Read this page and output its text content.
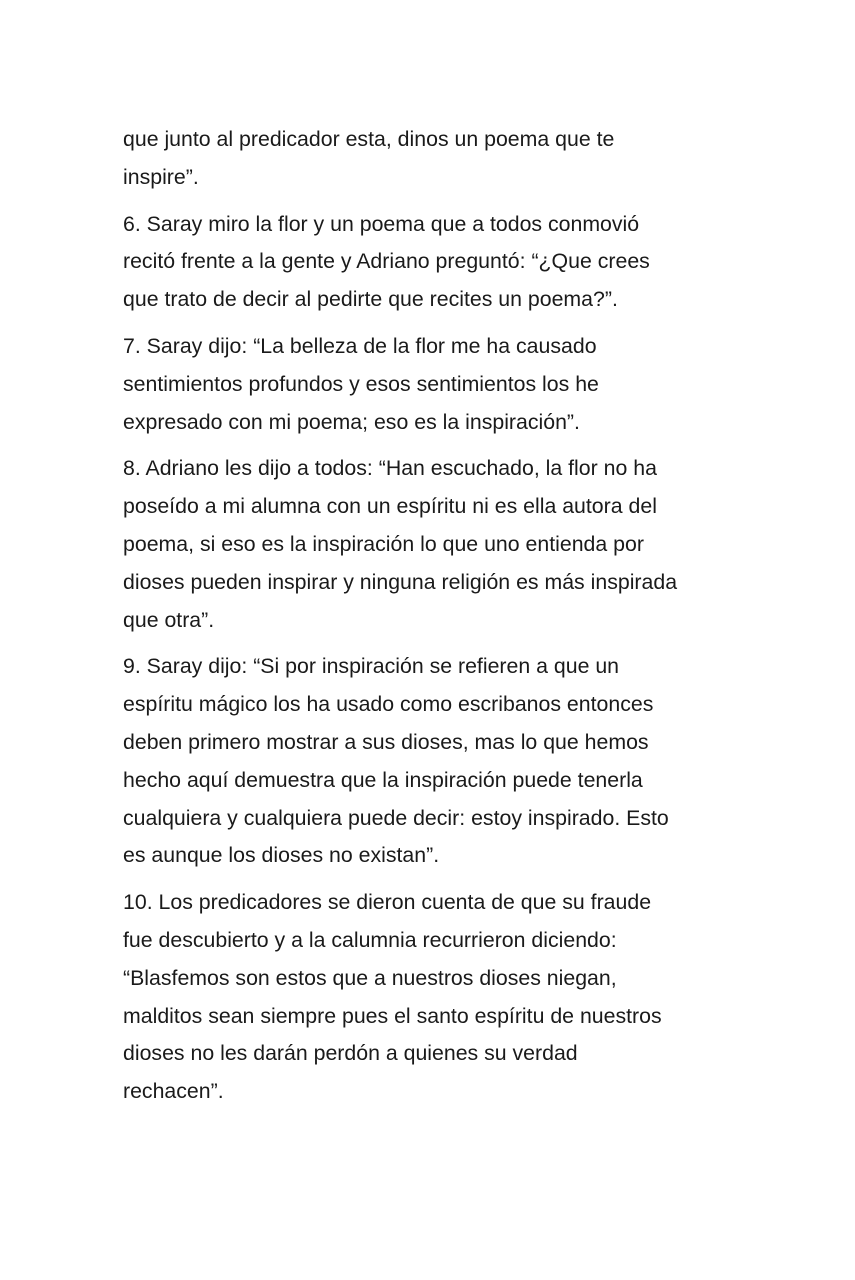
que junto al predicador esta, dinos un poema que te
inspire”.

6. Saray miro la flor y un poema que a todos conmovió
recitó frente a la gente y Adriano preguntó: “¿Que crees
que trato de decir al pedirte que recites un poema?”.

7. Saray dijo: “La belleza de la flor me ha causado
sentimientos profundos y esos sentimientos los he
expresado con mi poema; eso es la inspiración”.

8. Adriano les dijo a todos: “Han escuchado, la flor no ha
poseído a mi alumna con un espíritu ni es ella autora del
poema, si eso es la inspiración lo que uno entienda por
dioses pueden inspirar y ninguna religión es más inspirada
que otra”.

9. Saray dijo: “Si por inspiración se refieren a que un
espíritu mágico los ha usado como escribanos entonces
deben primero mostrar a sus dioses, mas lo que hemos
hecho aquí demuestra que la inspiración puede tenerla
cualquiera y cualquiera puede decir: estoy inspirado. Esto
es aunque los dioses no existan”.

10. Los predicadores se dieron cuenta de que su fraude
fue descubierto y a la calumnia recurrieron diciendo:
“Blasfemos son estos que a nuestros dioses niegan,
malditos sean siempre pues el santo espíritu de nuestros
dioses no les darán perdón a quienes su verdad
rechacen”.
